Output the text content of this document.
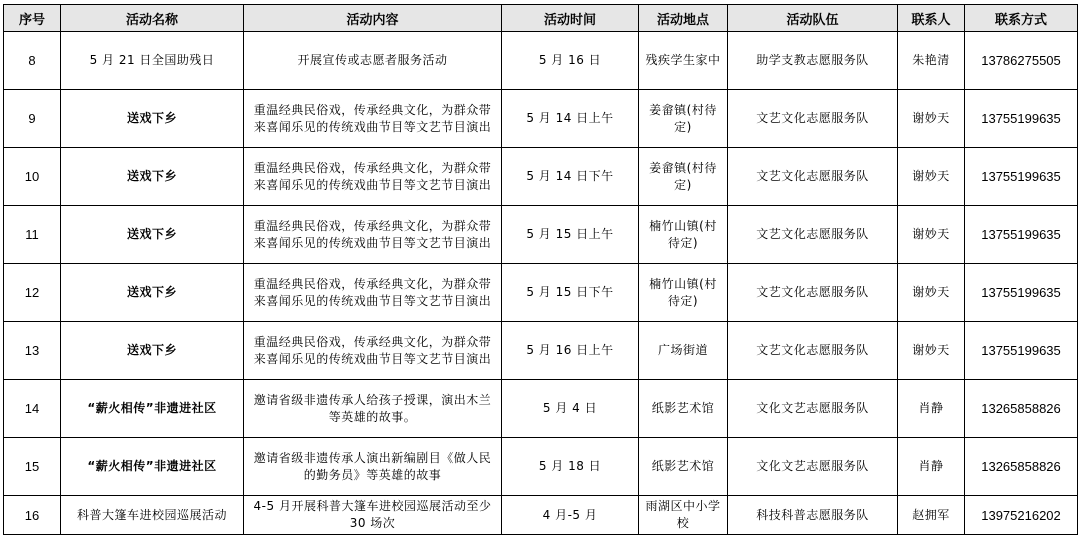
序号	活动名称	活动内容	活动时间	活动地点	活动队伍	联系人	联系方式
8	5 月 21 日全国助残日	开展宣传或志愿者服务活动	5 月 16 日	残疾学生家中	助学支教志愿服务队	朱艳清	13786275505
9	送戏下乡	重温经典民俗戏，传承经典文化，为群众带来喜闻乐见的传统戏曲节目等文艺节目演出	5 月 14 日上午	姜畲镇(村待定)	文艺文化志愿服务队	谢妙天	13755199635
10	送戏下乡	重温经典民俗戏，传承经典文化，为群众带来喜闻乐见的传统戏曲节目等文艺节目演出	5 月 14 日下午	姜畲镇(村待定)	文艺文化志愿服务队	谢妙天	13755199635
11	送戏下乡	重温经典民俗戏，传承经典文化，为群众带来喜闻乐见的传统戏曲节目等文艺节目演出	5 月 15 日上午	楠竹山镇(村待定)	文艺文化志愿服务队	谢妙天	13755199635
12	送戏下乡	重温经典民俗戏，传承经典文化，为群众带来喜闻乐见的传统戏曲节目等文艺节目演出	5 月 15 日下午	楠竹山镇(村待定)	文艺文化志愿服务队	谢妙天	13755199635
13	送戏下乡	重温经典民俗戏，传承经典文化，为群众带来喜闻乐见的传统戏曲节目等文艺节目演出	5 月 16 日上午	广场街道	文艺文化志愿服务队	谢妙天	13755199635
14	“薪火相传”非遗进社区	邀请省级非遗传承人给孩子授课，演出木兰等英雄的故事。	5 月 4 日	纸影艺术馆	文化文艺志愿服务队	肖静	13265858826
15	“薪火相传”非遗进社区	邀请省级非遗传承人演出新编剧目《做人民的勤务员》等英雄的故事	5 月 18 日	纸影艺术馆	文化文艺志愿服务队	肖静	13265858826
16	科普大篷车进校园巡展活动	4-5 月开展科普大篷车进校园巡展活动至少 30 场次	4 月-5 月	雨湖区中小学校	科技科普志愿服务队	赵拥军	13975216202
